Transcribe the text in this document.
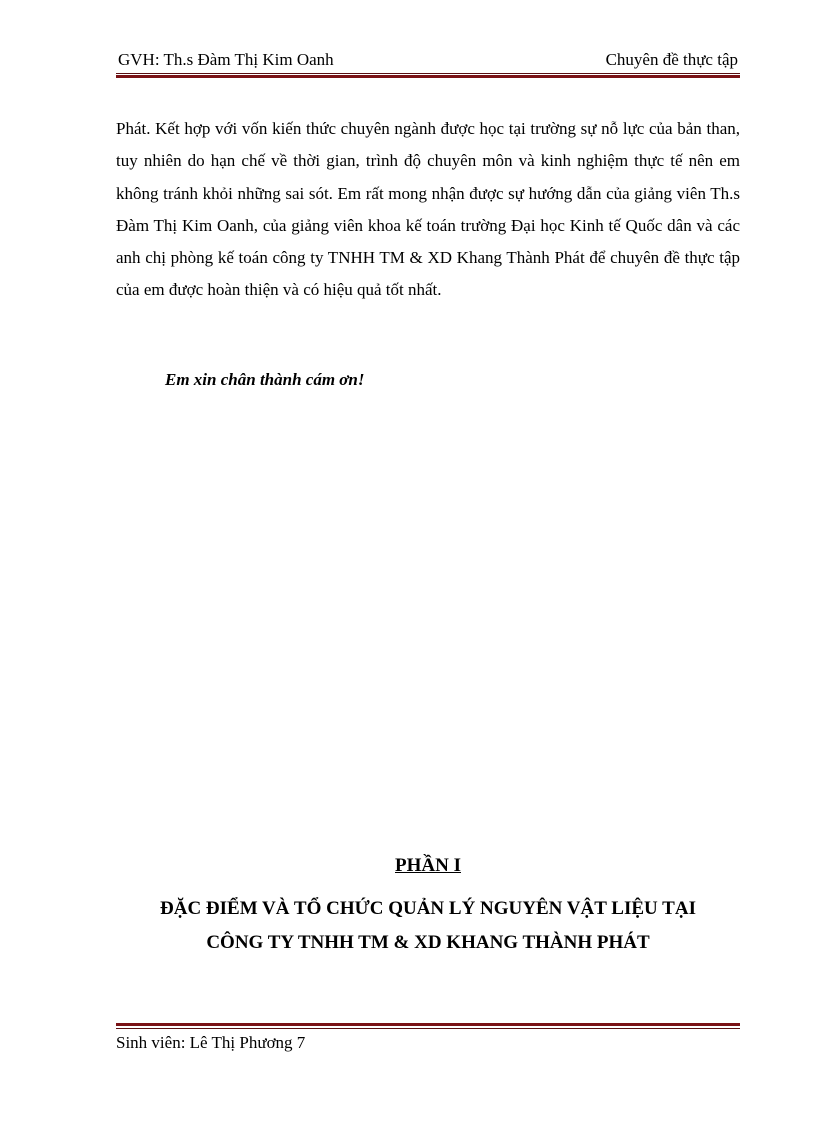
GVH: Th.s Đàm Thị Kim Oanh	Chuyên đề thực tập

Phát. Kết hợp với vốn kiến thức chuyên ngành được học tại trường sự nỗ lực của bản than, tuy nhiên do hạn chế về thời gian, trình độ chuyên môn và kinh nghiệm thực tế nên em không tránh khỏi những sai sót. Em rất mong nhận được sự hướng dẫn của giảng viên Th.s Đàm Thị Kim Oanh, của giảng viên khoa kế toán trường Đại học Kinh tế Quốc dân và các anh chị phòng kế toán công ty TNHH TM & XD Khang Thành Phát để chuyên đề thực tập của em được hoàn thiện và có hiệu quả tốt nhất.

Em xin chân thành cám ơn!
PHẦN I
ĐẶC ĐIỂM VÀ TỔ CHỨC QUẢN LÝ NGUYÊN VẬT LIỆU TẠI
CÔNG TY TNHH TM & XD KHANG THÀNH PHÁT
Sinh viên: Lê Thị Phương 7
